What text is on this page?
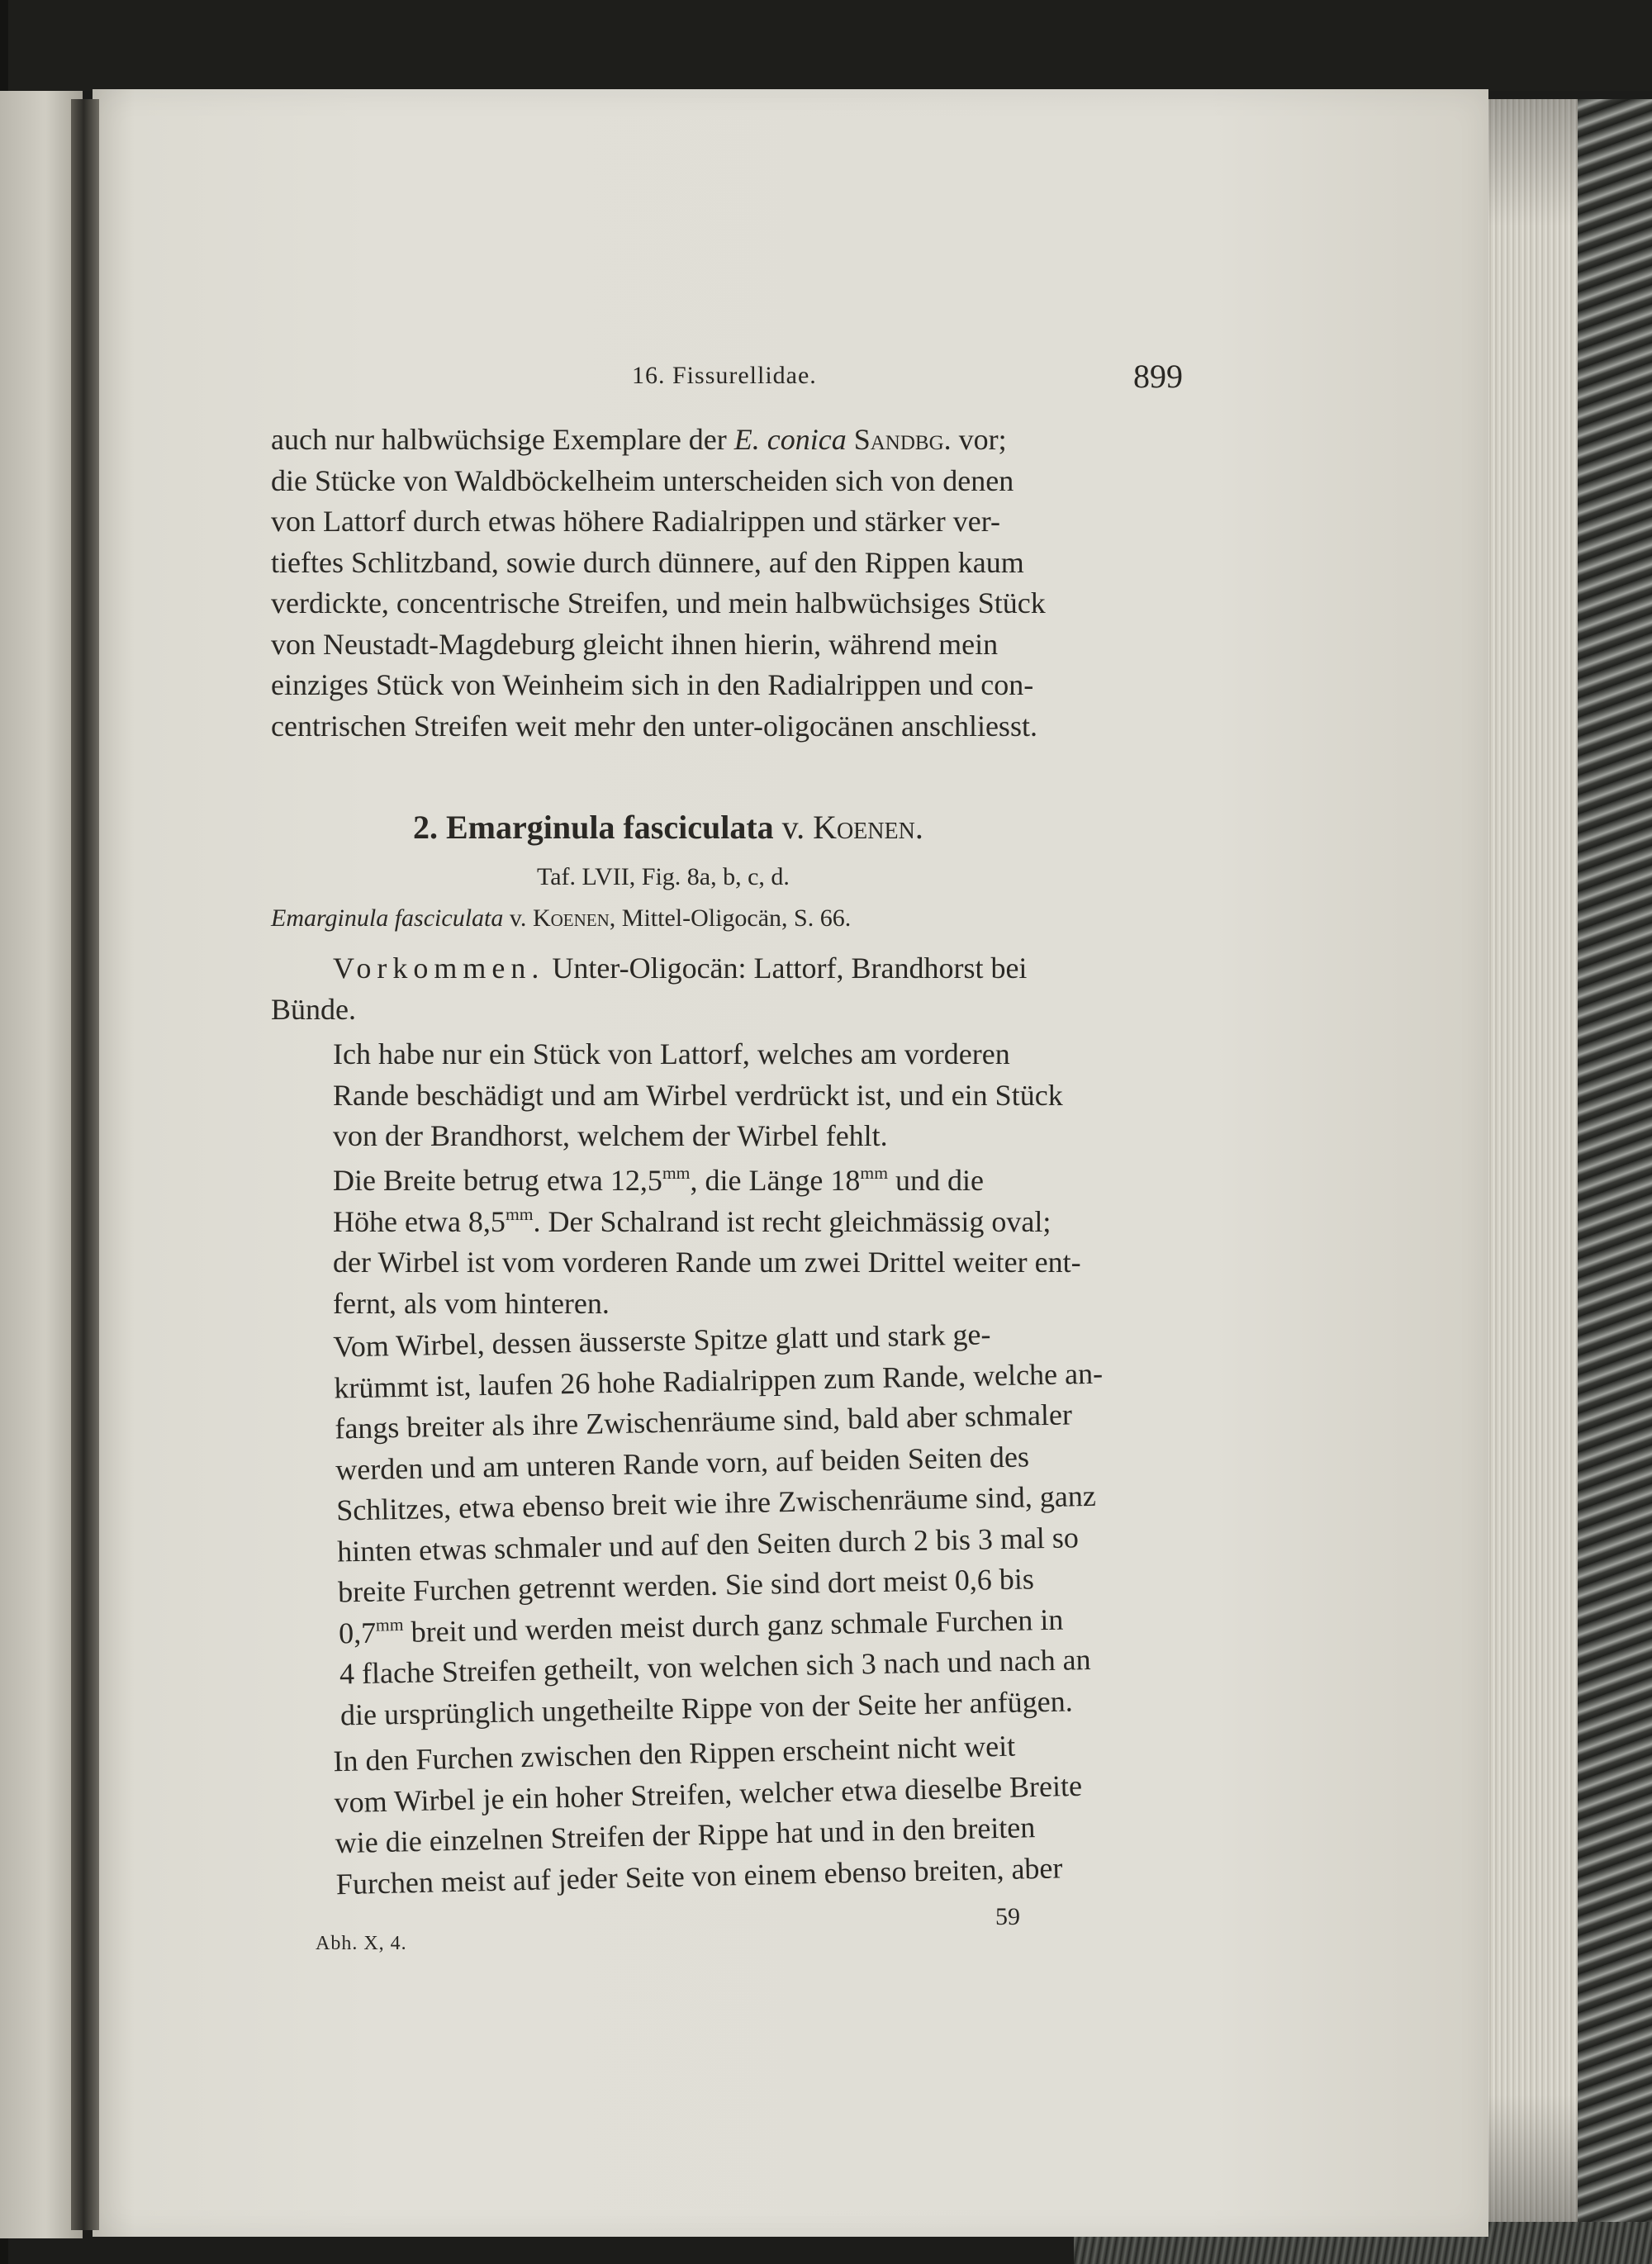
16. Fissurellidae.	899
auch nur halbwüchsige Exemplare der E. conica Sandbg. vor;
die Stücke von Waldböckelheim unterscheiden sich von denen
von Lattorf durch etwas höhere Radialrippen und stärker ver-
tieftes Schlitzband, sowie durch dünnere, auf den Rippen kaum
verdickte, concentrische Streifen, und mein halbwüchsiges Stück
von Neustadt-Magdeburg gleicht ihnen hierin, während mein
einziges Stück von Weinheim sich in den Radialrippen und con-
centrischen Streifen weit mehr den unter-oligocänen anschliesst.
2. Emarginula fasciculata v. Koenen.
Taf. LVII, Fig. 8a, b, c, d.
Emarginula fasciculata v. Koenen, Mittel-Oligocän, S. 66.
Vorkommen. Unter-Oligocän: Lattorf, Brandhorst bei
Bünde.
Ich habe nur ein Stück von Lattorf, welches am vorderen
Rande beschädigt und am Wirbel verdrückt ist, und ein Stück
von der Brandhorst, welchem der Wirbel fehlt.
Die Breite betrug etwa $12,5^{mm}$, die Länge $18^{mm}$ und die
Höhe etwa $8,5^{mm}$. Der Schalrand ist recht gleichmässig oval;
der Wirbel ist vom vorderen Rande um zwei Drittel weiter ent-
fernt, als vom hinteren.
Vom Wirbel, dessen äusserste Spitze glatt und stark ge-
krümmt ist, laufen 26 hohe Radialrippen zum Rande, welche an-
fangs breiter als ihre Zwischenräume sind, bald aber schmaler
werden und am unteren Rande vorn, auf beiden Seiten des
Schlitzes, etwa ebenso breit wie ihre Zwischenräume sind, ganz
hinten etwas schmaler und auf den Seiten durch 2 bis 3 mal so
breite Furchen getrennt werden. Sie sind dort meist 0,6 bis
$0,7^{mm}$ breit und werden meist durch ganz schmale Furchen in
4 flache Streifen getheilt, von welchen sich 3 nach und nach an
die ursprünglich ungetheilte Rippe von der Seite her anfügen.
In den Furchen zwischen den Rippen erscheint nicht weit
vom Wirbel je ein hoher Streifen, welcher etwa dieselbe Breite
wie die einzelnen Streifen der Rippe hat und in den breiten
Furchen meist auf jeder Seite von einem ebenso breiten, aber
59
Abh. X, 4.
